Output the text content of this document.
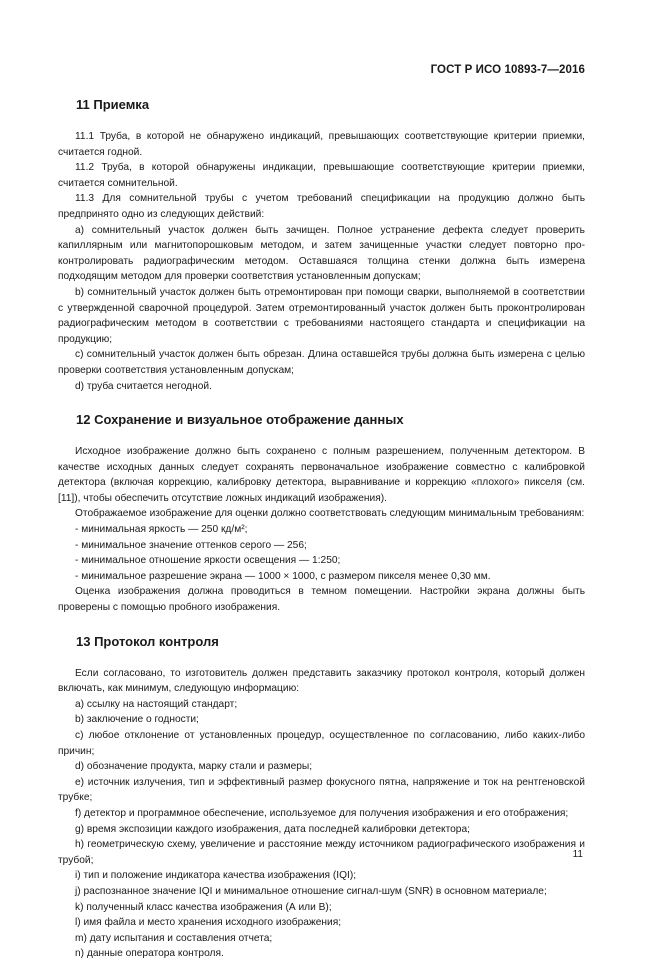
ГОСТ Р ИСО 10893-7—2016
11 Приемка

11.1 Труба, в которой не обнаружено индикаций, превышающих соответствующие критерии приемки, считается годной.

11.2 Труба, в которой обнаружены индикации, превышающие соответствующие критерии приемки, считается сомнительной.

11.3 Для сомнительной трубы с учетом требований спецификации на продукцию должно быть предпринято одно из следующих действий:

a) сомнительный участок должен быть зачищен. Полное устранение дефекта следует проверить капиллярным или магнитопорошковым методом, и затем зачищенные участки следует повторно проконтролировать радиографическим методом. Оставшаяся толщина стенки должна быть измерена подходящим методом для проверки соответствия установленным допускам;

b) сомнительный участок должен быть отремонтирован при помощи сварки, выполняемой в соответствии с утвержденной сварочной процедурой. Затем отремонтированный участок должен быть проконтролирован радиографическим методом в соответствии с требованиями настоящего стандарта и спецификации на продукцию;

c) сомнительный участок должен быть обрезан. Длина оставшейся трубы должна быть измерена с целью проверки соответствия установленным допускам;

d) труба считается негодной.

12 Сохранение и визуальное отображение данных

Исходное изображение должно быть сохранено с полным разрешением, полученным детектором. В качестве исходных данных следует сохранять первоначальное изображение совместно с калибровкой детектора (включая коррекцию, калибровку детектора, выравнивание и коррекцию «плохого» пикселя (см. [11]), чтобы обеспечить отсутствие ложных индикаций изображения).

Отображаемое изображение для оценки должно соответствовать следующим минимальным требованиям:

- минимальная яркость — 250 кд/м²;

- минимальное значение оттенков серого — 256;

- минимальное отношение яркости освещения — 1:250;

- минимальное разрешение экрана — 1000 × 1000, с размером пикселя менее 0,30 мм.

Оценка изображения должна проводиться в темном помещении. Настройки экрана должны быть проверены с помощью пробного изображения.

13 Протокол контроля

Если согласовано, то изготовитель должен представить заказчику протокол контроля, который должен включать, как минимум, следующую информацию:

a) ссылку на настоящий стандарт;

b) заключение о годности;

c) любое отклонение от установленных процедур, осуществленное по согласованию, либо каких-либо причин;

d) обозначение продукта, марку стали и размеры;

e) источник излучения, тип и эффективный размер фокусного пятна, напряжение и ток на рентгеновской трубке;

f) детектор и программное обеспечение, используемое для получения изображения и его отображения;

g) время экспозиции каждого изображения, дата последней калибровки детектора;

h) геометрическую схему, увеличение и расстояние между источником радиографического изображения и трубой;

i) тип и положение индикатора качества изображения (IQI);

j) распознанное значение IQI и минимальное отношение сигнал-шум (SNR) в основном материале;

k) полученный класс качества изображения (А или В);

l) имя файла и место хранения исходного изображения;

m) дату испытания и составления отчета;

n) данные оператора контроля.

11
